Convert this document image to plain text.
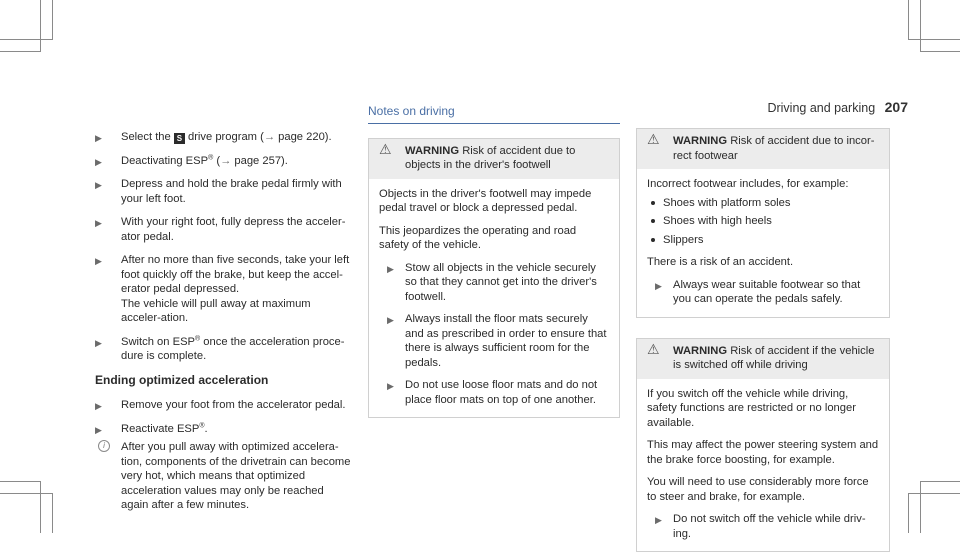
Driving and parking 207
▶ Select the S drive program (→ page 220).
▶ Deactivating ESP® (→ page 257).
▶ Depress and hold the brake pedal firmly with your left foot.
▶ With your right foot, fully depress the acceler-ator pedal.
▶ After no more than five seconds, take your left foot quickly off the brake, but keep the accel-erator pedal depressed.
The vehicle will pull away at maximum acceler-ation.
▶ Switch on ESP® once the acceleration proce-dure is complete.
Ending optimized acceleration
▶ Remove your foot from the accelerator pedal.
▶ Reactivate ESP®.
i	After you pull away with optimized accelera-tion, components of the drivetrain can become very hot, which means that optimized acceleration values may only be reached again after a few minutes.
Notes on driving
⚠ WARNING Risk of accident due to objects in the driver's footwell

Objects in the driver's footwell may impede pedal travel or block a depressed pedal.

This jeopardizes the operating and road safety of the vehicle.

▶ Stow all objects in the vehicle securely so that they cannot get into the driver's footwell.
▶ Always install the floor mats securely and as prescribed in order to ensure that there is always sufficient room for the pedals.
▶ Do not use loose floor mats and do not place floor mats on top of one another.
⚠ WARNING Risk of accident due to incor-rect footwear

Incorrect footwear includes, for example:

Shoes with platform soles
Shoes with high heels
Slippers

There is a risk of an accident.

▶ Always wear suitable footwear so that you can operate the pedals safely.
⚠ WARNING Risk of accident if the vehicle is switched off while driving

If you switch off the vehicle while driving, safety functions are restricted or no longer available.

This may affect the power steering system and the brake force boosting, for example.

You will need to use considerably more force to steer and brake, for example.

▶ Do not switch off the vehicle while driv-ing.
